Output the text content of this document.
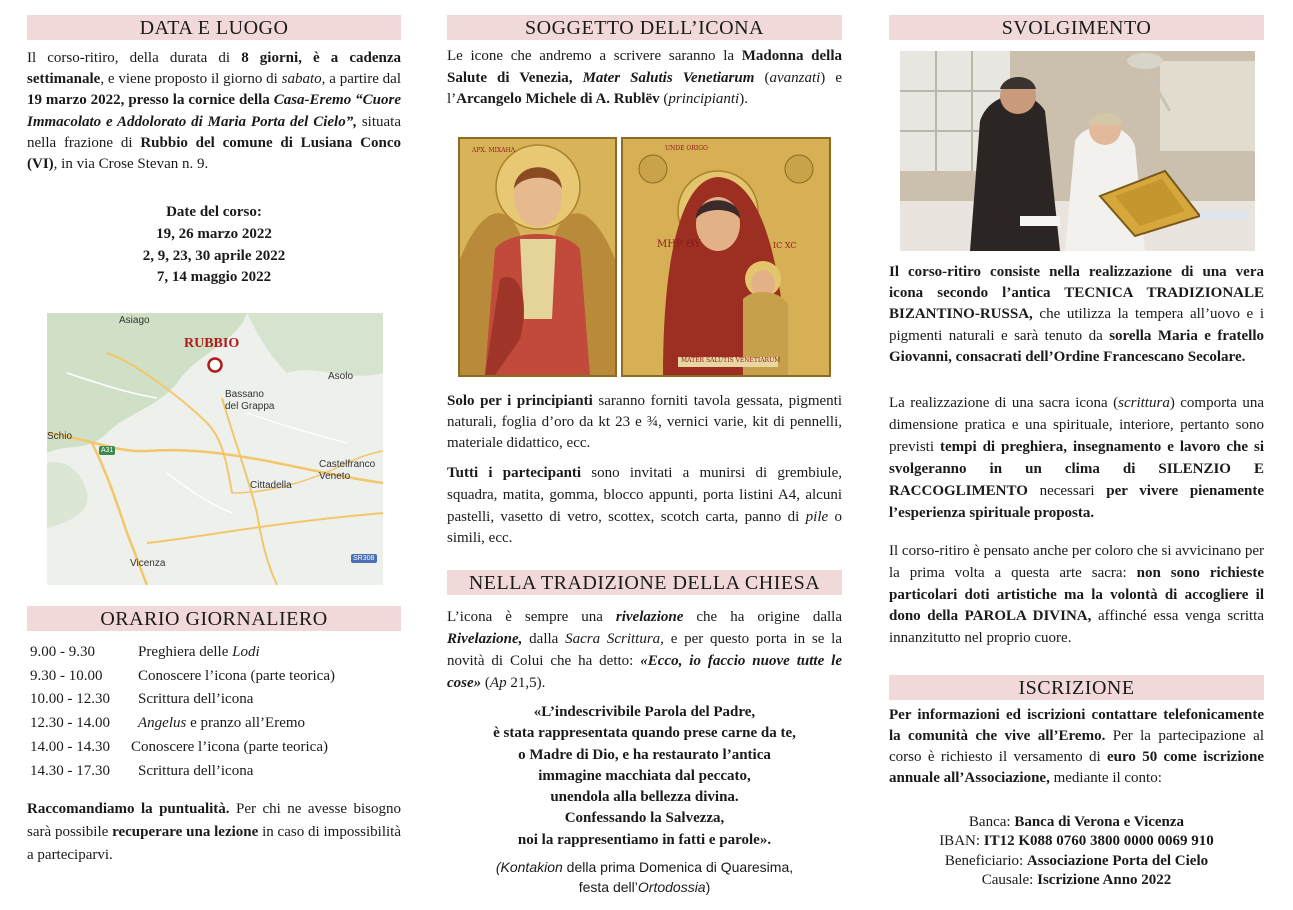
DATA E LUOGO

Il corso-ritiro, della durata di 8 giorni, è a cadenza settimanale, e viene proposto il giorno di sabato, a partire dal 19 marzo 2022, presso la cornice della Casa-Eremo “Cuore Immacolato e Addolorato di Maria Porta del Cielo”, situata nella frazione di Rubbio del comune di Lusiana Conco (VI), in via Crose Stevan n. 9.

Date del corso:
19, 26 marzo 2022
2, 9, 23, 30 aprile 2022
7, 14 maggio 2022
Asiago
RUBBIO
Asolo
Bassano
del Grappa
Schio
Castelfranco
Veneto
Cittadella
Vicenza
A31
SR308
ORARIO GIORNALIERO
9.00 - 9.30	Preghiera delle Lodi
9.30 - 10.00	Conoscere l’icona (parte teorica)
10.00 - 12.30	Scrittura dell’icona
12.30 - 14.00	Angelus e pranzo all’Eremo
14.00 - 14.30	Conoscere l’icona (parte teorica)
14.30 - 17.30	Scrittura dell’icona

Raccomandiamo la puntualità. Per chi ne avesse bisogno sarà possibile recuperare una lezione in caso di impossibilità a parteciparvi.

SOGGETTO DELL’ICONA

Le icone che andremo a scrivere saranno la Madonna della Salute di Venezia, Mater Salutis Venetiarum (avanzati) e l’Arcangelo Michele di A. Rublëv (principianti).

ΑΡΧ. ΜΙΧΑΗΛ	UNDE ORIGO
MHP ΘΥ	IC XC
MATER SALUTIS VENETIARUM

Solo per i principianti saranno forniti tavola gessata, pigmenti naturali, foglia d’oro da kt 23 e ¾, vernici varie, kit di pennelli, materiale didattico, ecc.

Tutti i partecipanti sono invitati a munirsi di grembiule, squadra, matita, gomma, blocco appunti, porta listini A4, alcuni pastelli, vasetto di vetro, scottex, scotch carta, panno di pile o simili, ecc.

NELLA TRADIZIONE DELLA CHIESA

L’icona è sempre una rivelazione che ha origine dalla Rivelazione, dalla Sacra Scrittura, e per questo porta in se la novità di Colui che ha detto: «Ecco, io faccio nuove tutte le cose» (Ap 21,5).

«L’indescrivibile Parola del Padre,
è stata rappresentata quando prese carne da te,
o Madre di Dio, e ha restaurato l’antica
immagine macchiata dal peccato,
unendola alla bellezza divina.
Confessando la Salvezza,
noi la rappresentiamo in fatti e parole».
(Kontakion della prima Domenica di Quaresima,
festa dell’Ortodossia)
SVOLGIMENTO

Il corso-ritiro consiste nella realizzazione di una vera icona secondo l’antica TECNICA TRADIZIONALE BIZANTINO-RUSSA, che utilizza la tempera all’uovo e i pigmenti naturali e sarà tenuto da sorella Maria e fratello Giovanni, consacrati dell’Ordine Francescano Secolare.

La realizzazione di una sacra icona (scrittura) comporta una dimensione pratica e una spirituale, interiore, pertanto sono previsti tempi di preghiera, insegnamento e lavoro che si svolgeranno in un clima di SILENZIO E RACCOGLIMENTO necessari per vivere pienamente l’esperienza spirituale proposta.

Il corso-ritiro è pensato anche per coloro che si avvicinano per la prima volta a questa arte sacra: non sono richieste particolari doti artistiche ma la volontà di accogliere il dono della PAROLA DIVINA, affinché essa venga scritta innanzitutto nel proprio cuore.

ISCRIZIONE

Per informazioni ed iscrizioni contattare telefonicamente la comunità che vive all’Eremo. Per la partecipazione al corso è richiesto il versamento di euro 50 come iscrizione annuale all’Associazione, mediante il conto:

Banca: Banca di Verona e Vicenza
IBAN: IT12 K088 0760 3800 0000 0069 910
Beneficiario: Associazione Porta del Cielo
Causale: Iscrizione Anno 2022
